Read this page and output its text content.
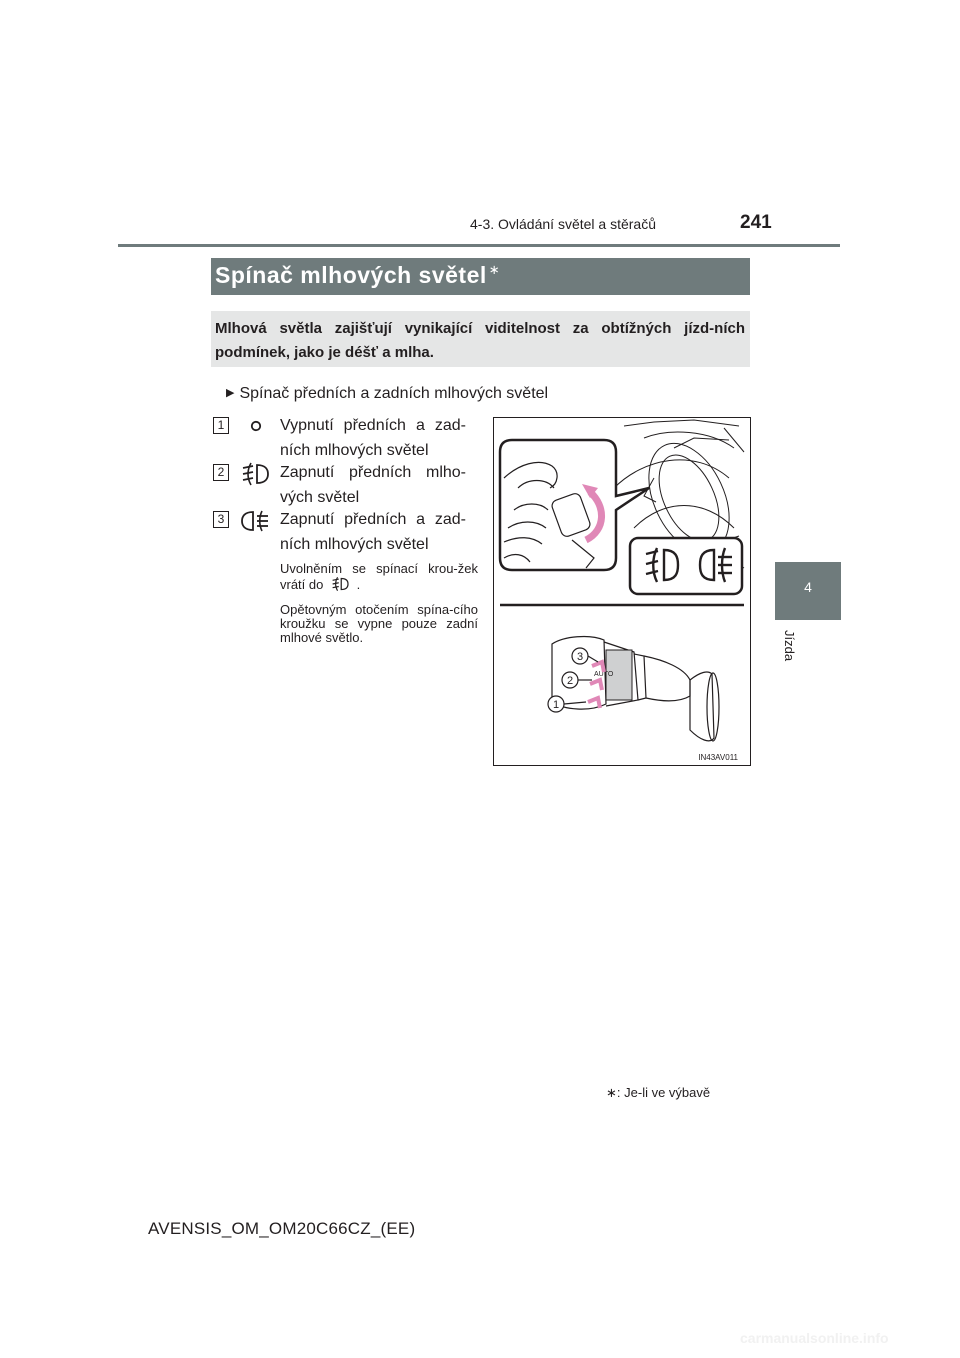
4-3. Ovládání světel a stěračů	241
4
Jízda
Spínač mlhových světel ∗
Mlhová světla zajišťují vynikající viditelnost za obtížných jízd-ních podmínek, jako je déšť a mlha.
▶ Spínač předních a zadních mlhových světel
1	Vypnutí předních a zad-ních mlhových světel
2	Zapnutí předních mlho-vých světel
3	Zapnutí předních a zad-ních mlhových světel
Uvolněním se spínací krou-žek vrátí do	.
Opětovným otočením spína-cího kroužku se vypne pouze zadní mlhové světlo.
AUTO
3
2
1
IN43AV011
∗: Je-li ve výbavě
AVENSIS_OM_OM20C66CZ_(EE)
carmanualsonline.info
